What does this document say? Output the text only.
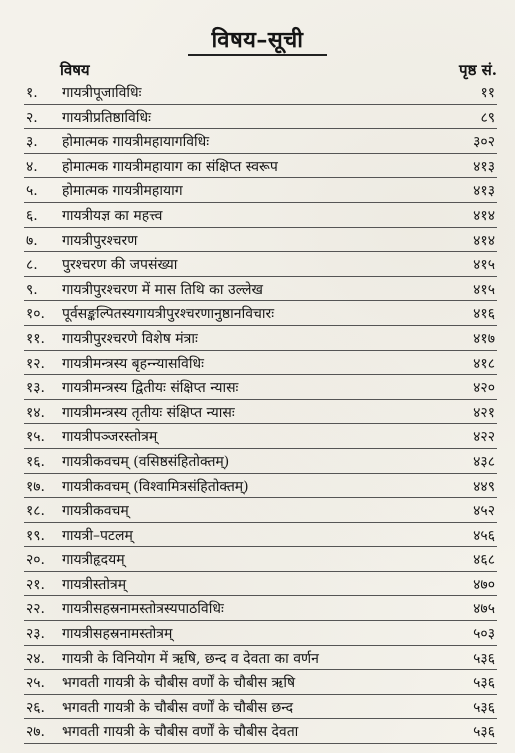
विषय–सूची
विषय	पृष्ठ सं.
१.	गायत्रीपूजाविधिः	११
२.	गायत्रीप्रतिष्ठाविधिः	८९
३.	होमात्मक गायत्रीमहायागविधिः	३०२
४.	होमात्मक गायत्रीमहायाग का संक्षिप्त स्वरूप	४१३
५.	होमात्मक गायत्रीमहायाग	४१३
६.	गायत्रीयज्ञ का महत्त्व	४१४
७.	गायत्रीपुरश्चरण	४१४
८.	पुरश्चरण की जपसंख्या	४१५
९.	गायत्रीपुरश्चरण में मास तिथि का उल्लेख	४१५
१०.	पूर्वसङ्कल्पितस्यगायत्रीपुरश्चरणानुष्ठानविचारः	४१६
११.	गायत्रीपुरश्चरणे विशेष मंत्राः	४१७
१२.	गायत्रीमन्त्रस्य बृहन्न्यासविधिः	४१८
१३.	गायत्रीमन्त्रस्य द्वितीयः संक्षिप्त न्यासः	४२०
१४.	गायत्रीमन्त्रस्य तृतीयः संक्षिप्त न्यासः	४२१
१५.	गायत्रीपञ्जरस्तोत्रम्	४२२
१६.	गायत्रीकवचम् (वसिष्ठसंहितोक्तम्)	४३८
१७.	गायत्रीकवचम् (विश्वामित्रसंहितोक्तम्)	४४९
१८.	गायत्रीकवचम्	४५२
१९.	गायत्री–पटलम्	४५६
२०.	गायत्रीहृदयम्	४६८
२१.	गायत्रीस्तोत्रम्	४७०
२२.	गायत्रीसहस्रनामस्तोत्रस्यपाठविधिः	४७५
२३.	गायत्रीसहस्रनामस्तोत्रम्	५०३
२४.	गायत्री के विनियोग में ऋषि, छन्द व देवता का वर्णन	५३६
२५.	भगवती गायत्री के चौबीस वर्णों के चौबीस ऋषि	५३६
२६.	भगवती गायत्री के चौबीस वर्णों के चौबीस छन्द	५३६
२७.	भगवती गायत्री के चौबीस वर्णों के चौबीस देवता	५३६
